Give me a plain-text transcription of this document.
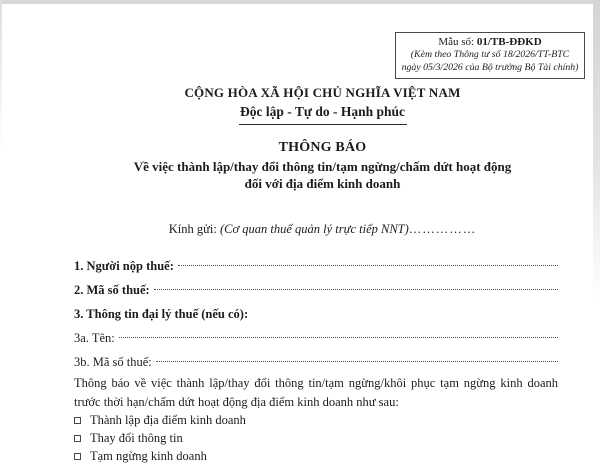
Mẫu số: 01/TB-ĐĐKD
(Kèm theo Thông tư số 18/2026/TT-BTC
ngày 05/3/2026 của Bộ trưởng Bộ Tài chính)
CỘNG HÒA XÃ HỘI CHỦ NGHĨA VIỆT NAM
Độc lập - Tự do - Hạnh phúc
THÔNG BÁO
Về việc thành lập/thay đổi thông tin/tạm ngừng/chấm dứt hoạt động
đối với địa điểm kinh doanh
Kính gửi: (Cơ quan thuế quản lý trực tiếp NNT)……………
1. Người nộp thuế:
2. Mã số thuế:
3. Thông tin đại lý thuế (nếu có):
3a. Tên:
3b. Mã số thuế:
Thông báo về việc thành lập/thay đổi thông tin/tạm ngừng/khôi phục tạm ngừng kinh doanh trước thời hạn/chấm dứt hoạt động địa điểm kinh doanh như sau:
Thành lập địa điểm kinh doanh
Thay đổi thông tin
Tạm ngừng kinh doanh
